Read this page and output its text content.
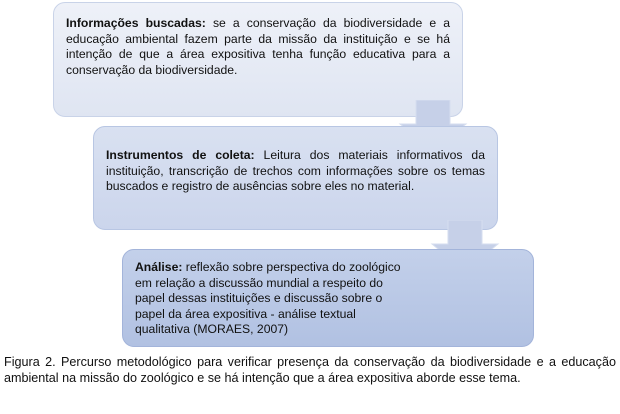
Informações buscadas: se a conservação da biodiversidade e a educação ambiental fazem parte da missão da instituição e se há intenção de que a área expositiva tenha função educativa para a conservação da biodiversidade.
Instrumentos de coleta: Leitura dos materiais informativos da instituição, transcrição de trechos com informações sobre os temas buscados e registro de ausências sobre eles no material.
Análise: reflexão sobre perspectiva do zoológico em relação a discussão mundial a respeito do papel dessas instituições e discussão sobre o papel da área expositiva - análise textual qualitativa (MORAES, 2007)
Figura 2. Percurso metodológico para verificar presença da conservação da biodiversidade e a educação ambiental na missão do zoológico e se há intenção que a área expositiva aborde esse tema.
